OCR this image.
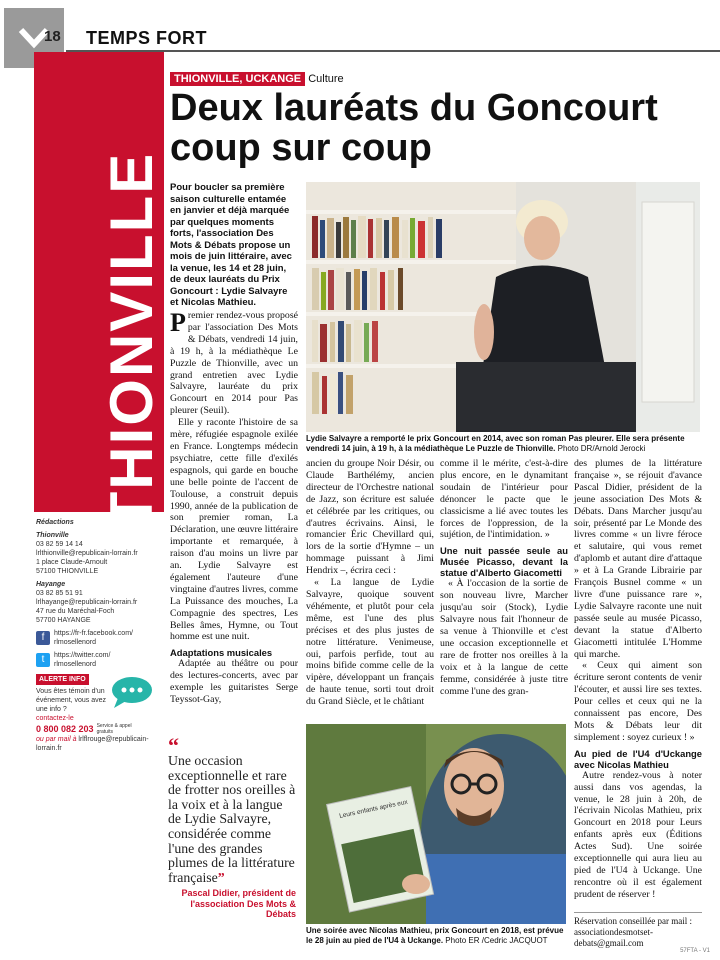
18 TEMPS FORT
THIONVILLE
Rédactions
Thionville
03 82 59 14 14
lrlthionville@republicain-lorrain.fr
1 place Claude-Arnoult
57100 THIONVILLE
Hayange
03 82 85 51 91
lrlhayange@republicain-lorrain.fr
47 rue du Maréchal-Foch
57700 HAYANGE
f	https://fr-fr.facebook.com/
rlmosellenord
t	https://twitter.com/
rlmosellenord
ALERTE INFO
Vous êtes témoin d'un événement, vous avez une info ?
contactez-le
0 800 082 203 Service & appel gratuits
ou par mail à lrlflrouge@republicain-lorrain.fr
THIONVILLE, UCKANGE Culture
Deux lauréats du Goncourt coup sur coup
Pour boucler sa première saison culturelle entamée en janvier et déjà marquée par quelques moments forts, l'association Des Mots & Débats propose un mois de juin littéraire, avec la venue, les 14 et 28 juin, de deux lauréats du Prix Goncourt : Lydie Salvayre et Nicolas Mathieu.
Lydie Salvayre a remporté le prix Goncourt en 2014, avec son roman Pas pleurer. Elle sera présente vendredi 14 juin, à 19 h, à la médiathèque Le Puzzle de Thionville. Photo DR/Arnold Jerocki

Premier rendez-vous proposé par l'association Des Mots & Débats, vendredi 14 juin, à 19 h, à la médiathèque Le Puzzle de Thionville, avec un grand entretien avec Lydie Salvayre, lauréate du prix Goncourt en 2014 pour Pas pleurer (Seuil).

Elle y raconte l'histoire de sa mère, réfugiée espagnole exilée en France. Longtemps médecin psychiatre, cette fille d'exilés espagnols, qui garde en bouche une belle pointe de l'accent de Toulouse, a construit depuis 1990, année de la publication de son premier roman, La Déclaration, une œuvre littéraire importante et remarquée, à raison d'au moins un livre par an. Lydie Salvayre est également l'auteure d'une vingtaine d'autres livres, comme La Puissance des mouches, La Compagnie des spectres, Les Belles âmes, Hymne, ou Tout homme est une nuit.

Adaptations musicales

Adaptée au théâtre ou pour des lectures-concerts, avec par exemple les guitaristes Serge Teyssot-Gay,

ancien du groupe Noir Désir, ou Claude Barthélémy, ancien directeur de l'Orchestre national de Jazz, son écriture est saluée et célébrée par les critiques, ou d'autres écrivains. Ainsi, le romancier Éric Chevillard qui, lors de la sortie d'Hymne – un hommage puissant à Jimi Hendrix –, écrira ceci :

« La langue de Lydie Salvayre, quoique souvent véhémente, et plutôt pour cela même, est l'une des plus précises et des plus justes de notre littérature. Venimeuse, oui, parfois perfide, tout au moins bifide comme celle de la vipère, développant un français de haute tenue, sorti tout droit du Grand Siècle, et le châtiant

comme il le mérite, c'est-à-dire plus encore, en le dynamitant soudain de l'intérieur pour dénoncer le pacte que le classicisme a lié avec toutes les forces de l'oppression, de la sujétion, de l'intimidation. »

Une nuit passée seule au Musée Picasso, devant la statue d'Alberto Giacometti

« À l'occasion de la sortie de son nouveau livre, Marcher jusqu'au soir (Stock), Lydie Salvayre nous fait l'honneur de sa venue à Thionville et c'est une occasion exceptionnelle et rare de frotter nos oreilles à la voix et à la langue de cette femme, considérée à juste titre comme l'une des gran-

des plumes de la littérature française », se réjouit d'avance Pascal Didier, président de la jeune association Des Mots & Débats. Dans Marcher jusqu'au soir, présenté par Le Monde des livres comme « un livre féroce et salutaire, qui vous remet d'aplomb et autant dire d'attaque » et à La Grande Librairie par François Busnel comme « un livre d'une puissance rare », Lydie Salvayre raconte une nuit passée seule au musée Picasso, devant la statue d'Alberto Giacometti intitulée L'Homme qui marche.

« Ceux qui aiment son écriture seront contents de venir l'écouter, et aussi lire ses textes. Pour celles et ceux qui ne la connaissent pas encore, Des Mots & Débats leur dit simplement : soyez curieux ! »

Au pied de l'U4 d'Uckange avec Nicolas Mathieu

Autre rendez-vous à noter aussi dans vos agendas, la venue, le 28 juin à 20h, de l'écrivain Nicolas Mathieu, prix Goncourt en 2018 pour Leurs enfants après eux (Éditions Actes Sud). Une soirée exceptionnelle qui aura lieu au pied de l'U4 à Uckange. Une rencontre où il est également prudent de réserver !

“
Une occasion exceptionnelle et rare de frotter nos oreilles à la voix et à la langue de Lydie Salvayre, considérée comme l'une des grandes plumes de la littérature française”
Pascal Didier, président de l'association Des Mots & Débats
Leurs enfants après eux
Une soirée avec Nicolas Mathieu, prix Goncourt en 2018, est prévue le 28 juin au pied de l'U4 à Uckange. Photo ER /Cedric JACQUOT
Réservation conseillée par mail : associationdesmotset-debats@gmail.com
57FTA - V1
